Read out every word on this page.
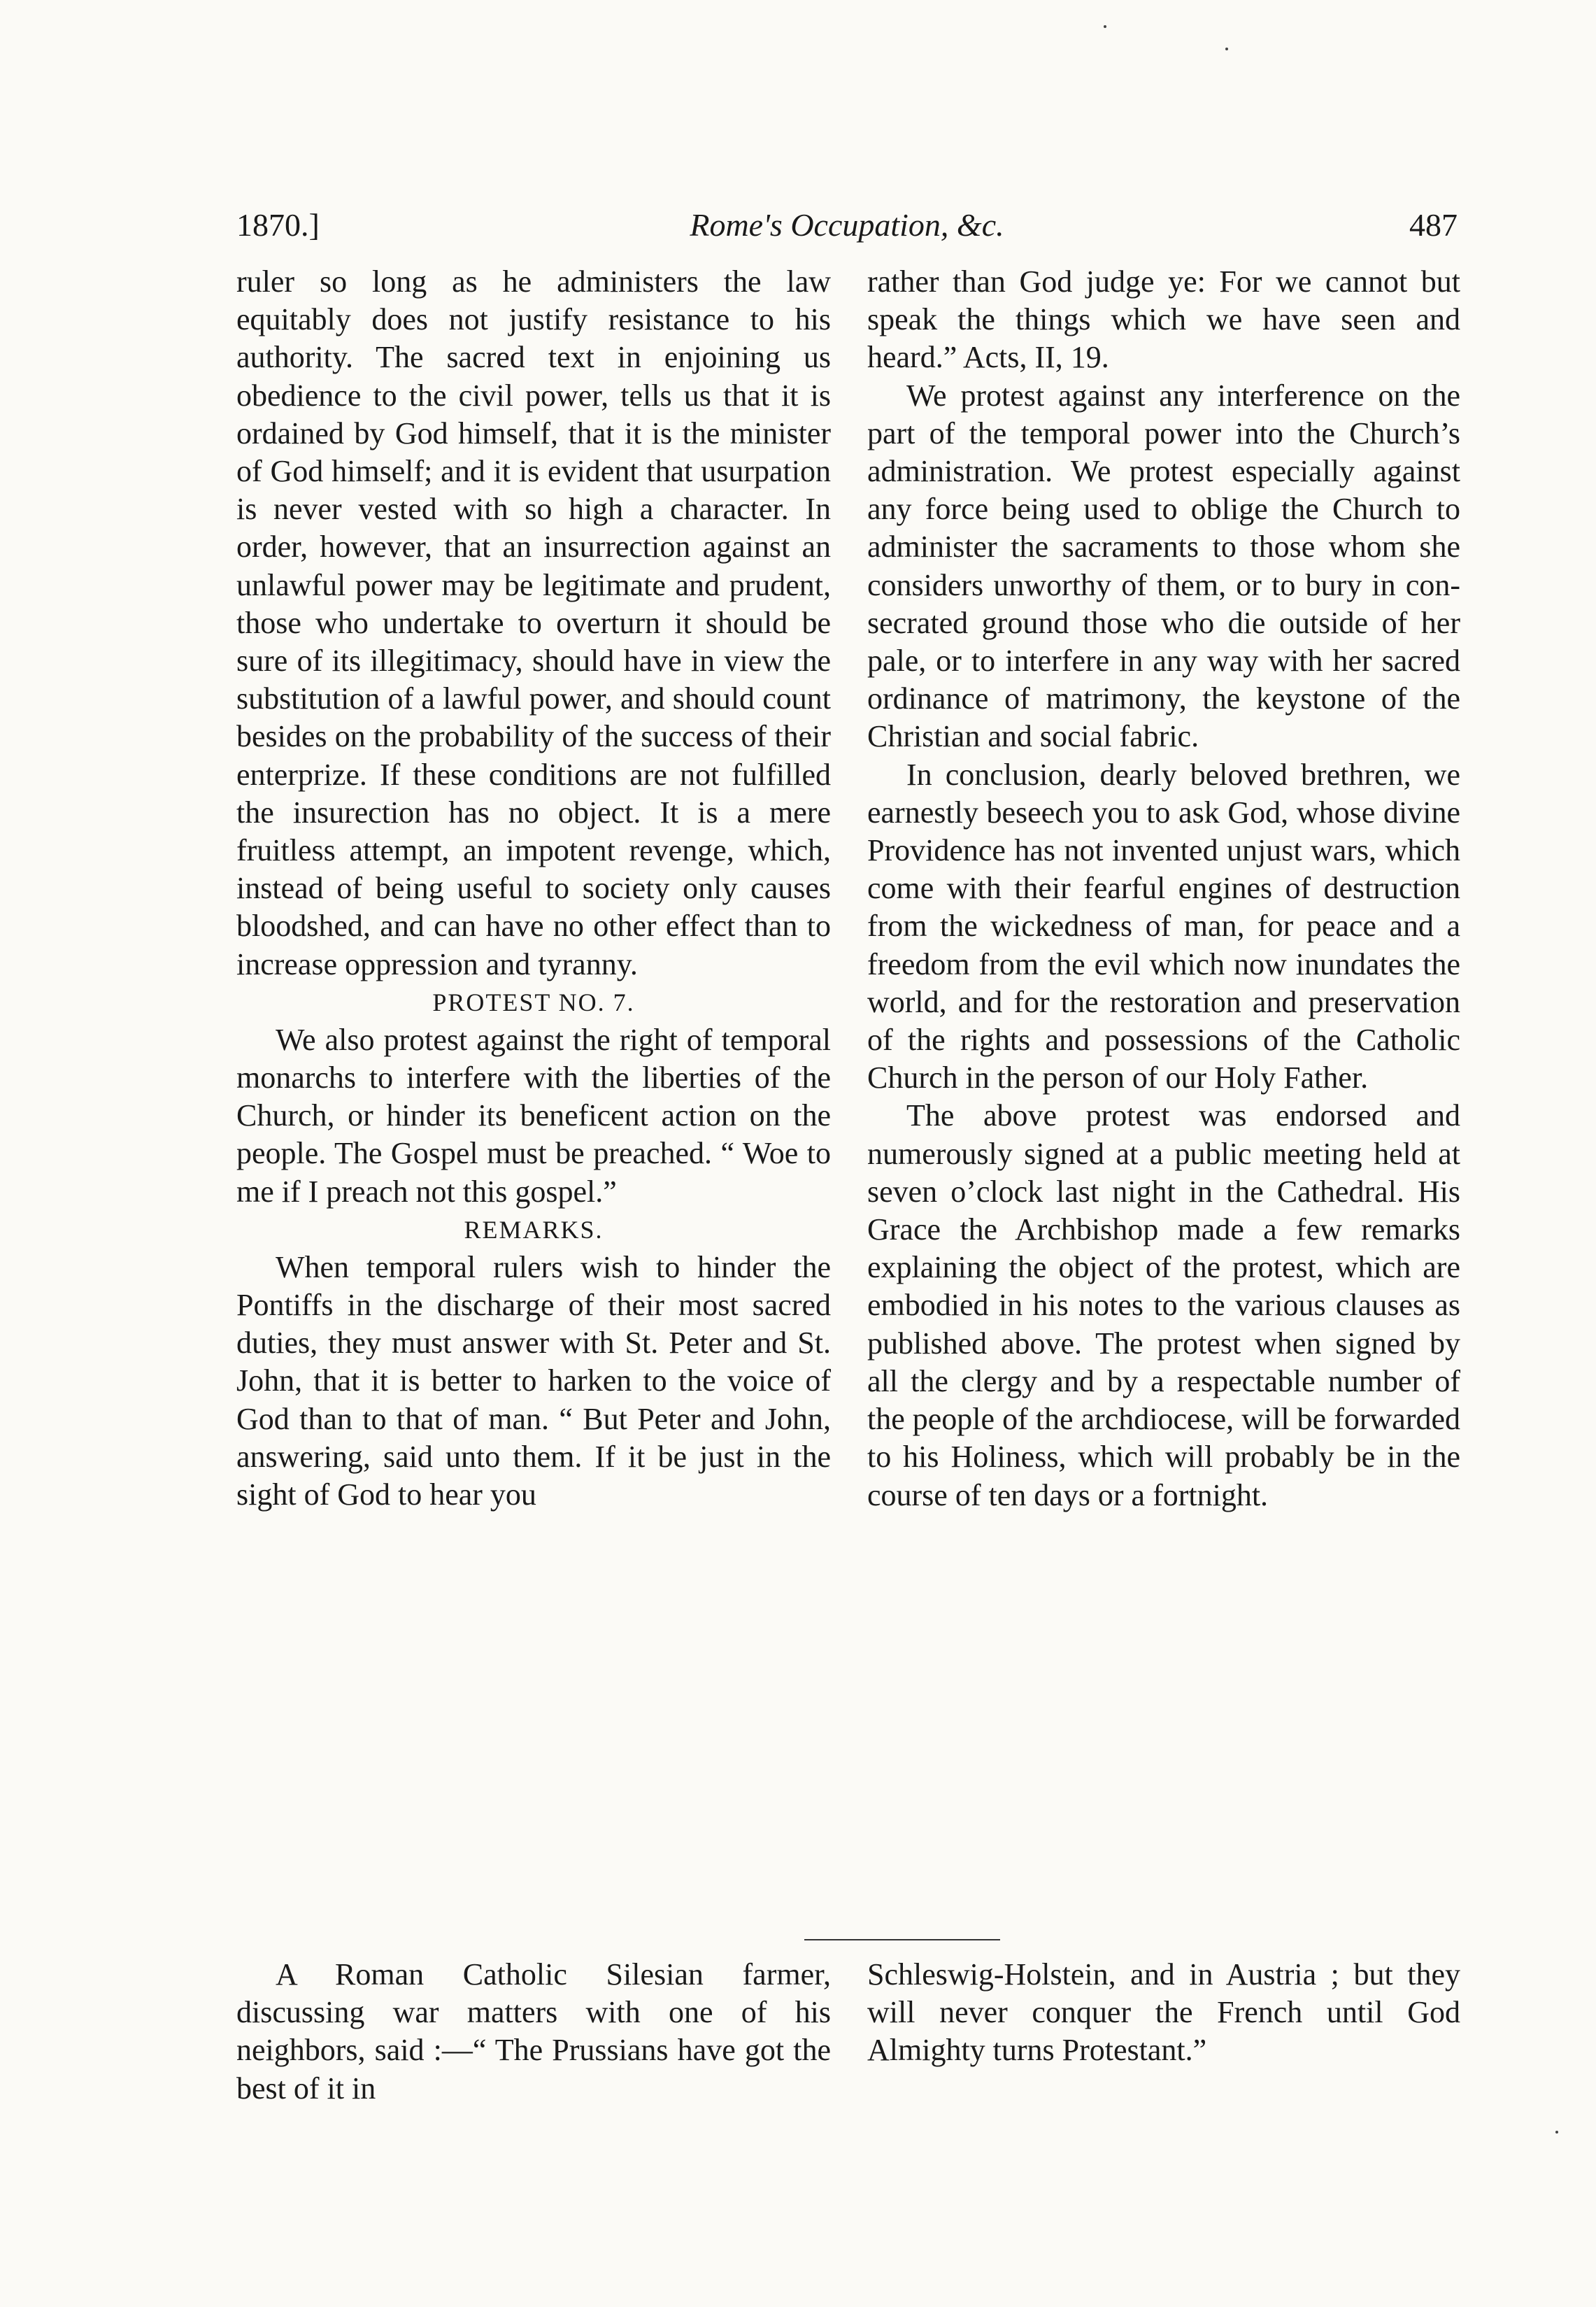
1870.]	Rome's Occupation, &c.	487

ruler so long as he administers the law equitably does not justify resistance to his authority. The sacred text in enjoining us obedience to the civil power, tells us that it is ordained by God himself, that it is the minister of God himself; and it is evident that usurpation is never vested with so high a character. In order, however, that an insurrection against an unlawful power may be legitimate and prudent, those who undertake to overturn it should be sure of its illegitimacy, should have in view the substitution of a lawful power, and should count besides on the probability of the success of their enterprize. If these conditions are not fulfilled the insurection has no object. It is a mere fruitless attempt, an impotent revenge, which, instead of being useful to society only causes bloodshed, and can have no other effect than to increase oppression and tyranny.

PROTEST NO. 7.

We also protest against the right of temporal monarchs to interfere with the liberties of the Church, or hinder its beneficent action on the people. The Gospel must be preached. “ Woe to me if I preach not this gospel.”

REMARKS.

When temporal rulers wish to hinder the Pontiffs in the discharge of their most sacred duties, they must answer with St. Peter and St. John, that it is better to harken to the voice of God than to that of man. “ But Peter and John, answering, said unto them. If it be just in the sight of God to hear you

rather than God judge ye: For we cannot but speak the things which we have seen and heard.” Acts, II, 19.

We protest against any interference on the part of the temporal power into the Church’s administration. We protest especially against any force being used to oblige the Church to administer the sacraments to those whom she considers unworthy of them, or to bury in consecrated ground those who die outside of her pale, or to interfere in any way with her sacred ordinance of matrimony, the keystone of the Christian and social fabric.

In conclusion, dearly beloved brethren, we earnestly beseech you to ask God, whose divine Providence has not invented unjust wars, which come with their fearful engines of destruction from the wickedness of man, for peace and a freedom from the evil which now inundates the world, and for the restoration and preservation of the rights and possessions of the Catholic Church in the person of our Holy Father.

The above protest was endorsed and numerously signed at a public meeting held at seven o’clock last night in the Cathedral. His Grace the Archbishop made a few remarks explaining the object of the protest, which are embodied in his notes to the various clauses as published above. The protest when signed by all the clergy and by a respectable number of the people of the archdiocese, will be forwarded to his Holiness, which will probably be in the course of ten days or a fortnight.

A Roman Catholic Silesian farmer, discussing war matters with one of his neighbors, said :—“ The Prussians have got the best of it in

Schleswig-Holstein, and in Austria ; but they will never conquer the French until God Almighty turns Protestant.”
